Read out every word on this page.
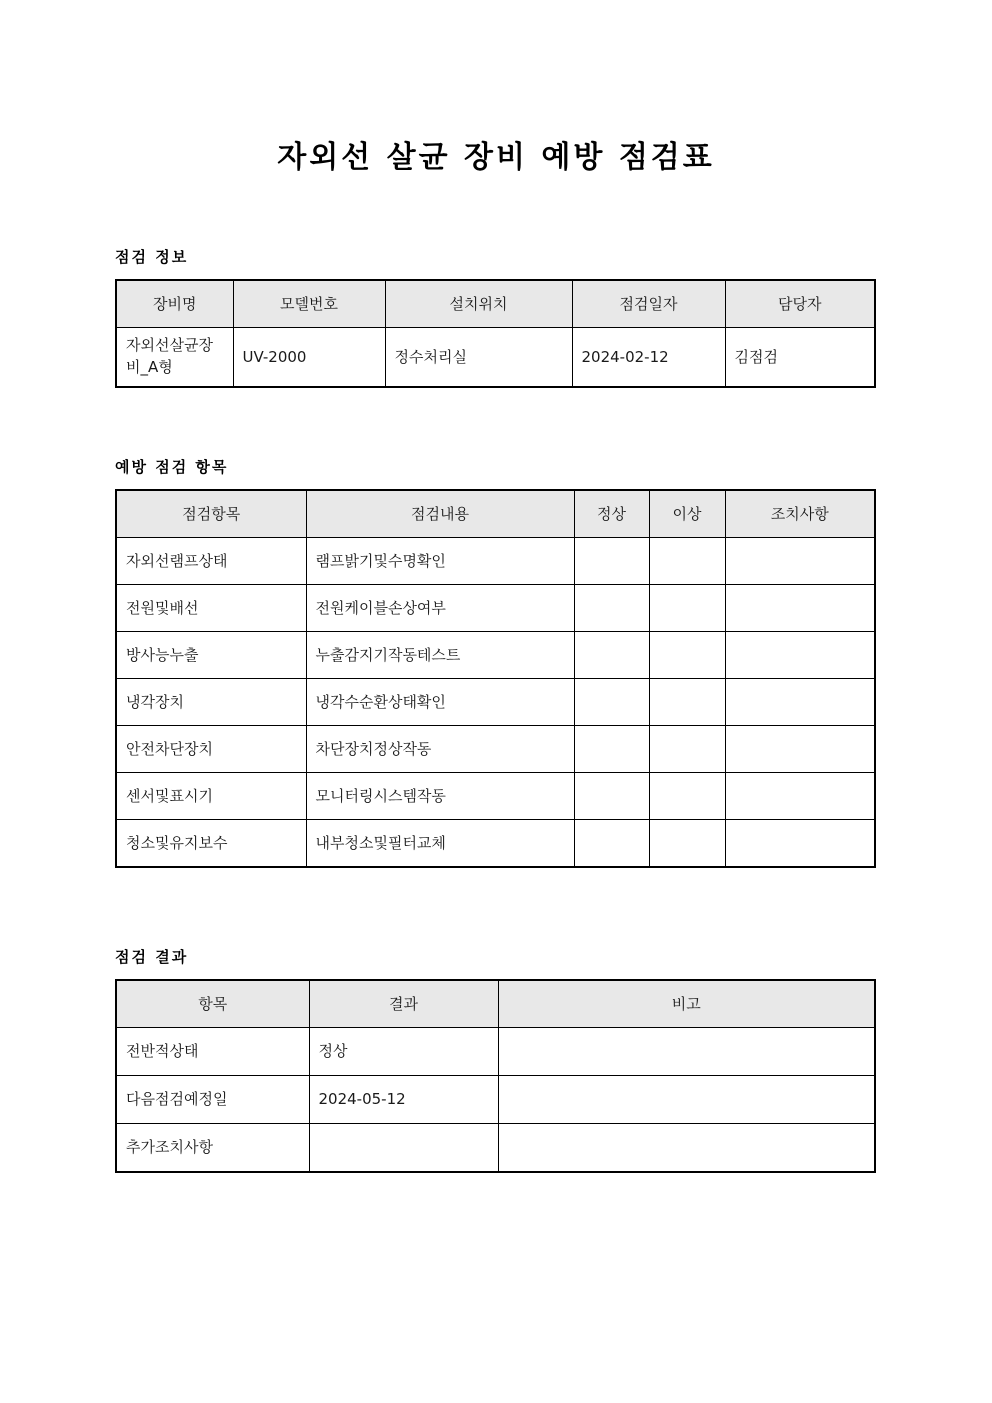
자외선 살균 장비 예방 점검표
점검 정보
장비명	모델번호	설치위치	점검일자	담당자
자외선살균장비_A형	UV-2000	정수처리실	2024-02-12	김점검
예방 점검 항목
점검항목	점검내용	정상	이상	조치사항
자외선램프상태	램프밝기및수명확인			
전원및배선	전원케이블손상여부			
방사능누출	누출감지기작동테스트			
냉각장치	냉각수순환상태확인			
안전차단장치	차단장치정상작동			
센서및표시기	모니터링시스템작동			
청소및유지보수	내부청소및필터교체			
점검 결과
항목	결과	비고
전반적상태	정상	
다음점검예정일	2024-05-12	
추가조치사항		
